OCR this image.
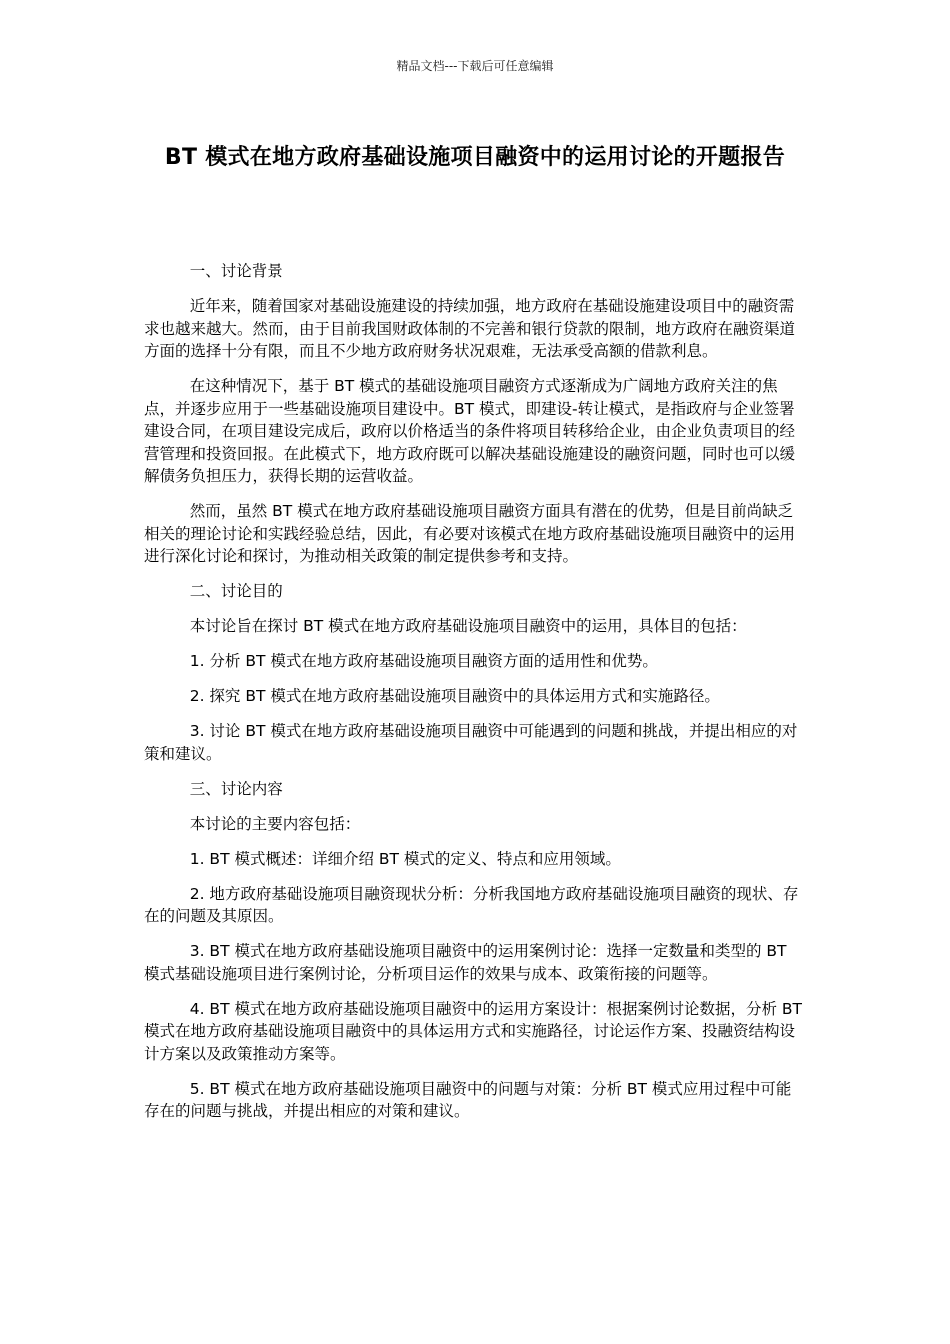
精品文档---下载后可任意编辑
BT 模式在地方政府基础设施项目融资中的运用讨论的开题报告

一、讨论背景

近年来，随着国家对基础设施建设的持续加强，地方政府在基础设施建设项目中的融资需求也越来越大。然而，由于目前我国财政体制的不完善和银行贷款的限制，地方政府在融资渠道方面的选择十分有限，而且不少地方政府财务状况艰难，无法承受高额的借款利息。

在这种情况下，基于 BT 模式的基础设施项目融资方式逐渐成为广阔地方政府关注的焦点，并逐步应用于一些基础设施项目建设中。BT 模式，即建设-转让模式，是指政府与企业签署建设合同，在项目建设完成后，政府以价格适当的条件将项目转移给企业，由企业负责项目的经营管理和投资回报。在此模式下，地方政府既可以解决基础设施建设的融资问题，同时也可以缓解债务负担压力，获得长期的运营收益。

然而，虽然 BT 模式在地方政府基础设施项目融资方面具有潜在的优势，但是目前尚缺乏相关的理论讨论和实践经验总结，因此，有必要对该模式在地方政府基础设施项目融资中的运用进行深化讨论和探讨，为推动相关政策的制定提供参考和支持。

二、讨论目的

本讨论旨在探讨 BT 模式在地方政府基础设施项目融资中的运用，具体目的包括：

1. 分析 BT 模式在地方政府基础设施项目融资方面的适用性和优势。

2. 探究 BT 模式在地方政府基础设施项目融资中的具体运用方式和实施路径。

3. 讨论 BT 模式在地方政府基础设施项目融资中可能遇到的问题和挑战，并提出相应的对策和建议。

三、讨论内容

本讨论的主要内容包括：

1. BT 模式概述：详细介绍 BT 模式的定义、特点和应用领域。

2. 地方政府基础设施项目融资现状分析：分析我国地方政府基础设施项目融资的现状、存在的问题及其原因。

3. BT 模式在地方政府基础设施项目融资中的运用案例讨论：选择一定数量和类型的 BT 模式基础设施项目进行案例讨论，分析项目运作的效果与成本、政策衔接的问题等。

4. BT 模式在地方政府基础设施项目融资中的运用方案设计：根据案例讨论数据，分析 BT 模式在地方政府基础设施项目融资中的具体运用方式和实施路径，讨论运作方案、投融资结构设计方案以及政策推动方案等。

5. BT 模式在地方政府基础设施项目融资中的问题与对策：分析 BT 模式应用过程中可能存在的问题与挑战，并提出相应的对策和建议。
